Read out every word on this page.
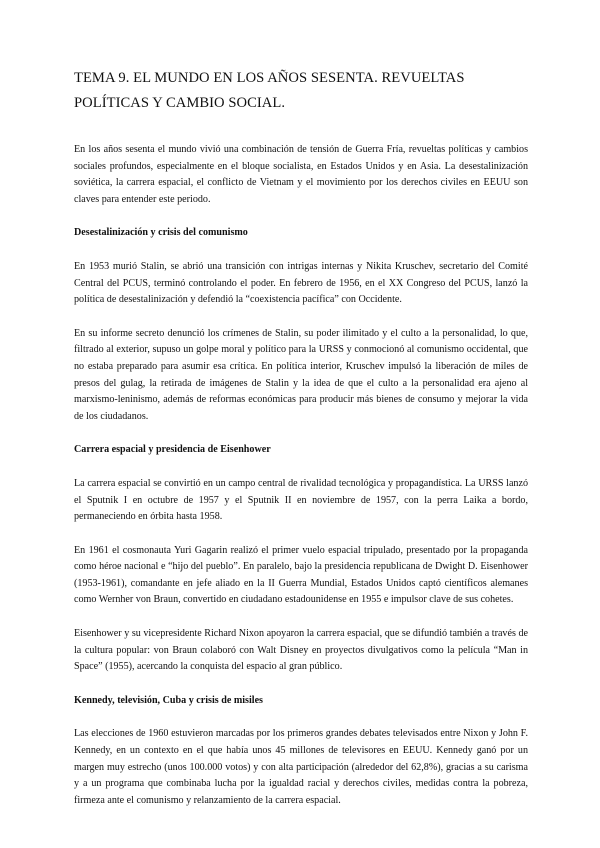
TEMA 9. EL MUNDO EN LOS AÑOS SESENTA. REVUELTAS POLÍTICAS Y CAMBIO SOCIAL.

En los años sesenta el mundo vivió una combinación de tensión de Guerra Fría, revueltas políticas y cambios sociales profundos, especialmente en el bloque socialista, en Estados Unidos y en Asia. La desestalinización soviética, la carrera espacial, el conflicto de Vietnam y el movimiento por los derechos civiles en EEUU son claves para entender este periodo.

Desestalinización y crisis del comunismo

En 1953 murió Stalin, se abrió una transición con intrigas internas y Nikita Kruschev, secretario del Comité Central del PCUS, terminó controlando el poder. En febrero de 1956, en el XX Congreso del PCUS, lanzó la política de desestalinización y defendió la “coexistencia pacífica” con Occidente.

En su informe secreto denunció los crímenes de Stalin, su poder ilimitado y el culto a la personalidad, lo que, filtrado al exterior, supuso un golpe moral y político para la URSS y conmocionó al comunismo occidental, que no estaba preparado para asumir esa crítica. En política interior, Kruschev impulsó la liberación de miles de presos del gulag, la retirada de imágenes de Stalin y la idea de que el culto a la personalidad era ajeno al marxismo-leninismo, además de reformas económicas para producir más bienes de consumo y mejorar la vida de los ciudadanos.

Carrera espacial y presidencia de Eisenhower

La carrera espacial se convirtió en un campo central de rivalidad tecnológica y propagandística. La URSS lanzó el Sputnik I en octubre de 1957 y el Sputnik II en noviembre de 1957, con la perra Laika a bordo, permaneciendo en órbita hasta 1958.

En 1961 el cosmonauta Yuri Gagarin realizó el primer vuelo espacial tripulado, presentado por la propaganda como héroe nacional e “hijo del pueblo”. En paralelo, bajo la presidencia republicana de Dwight D. Eisenhower (1953-1961), comandante en jefe aliado en la II Guerra Mundial, Estados Unidos captó científicos alemanes como Wernher von Braun, convertido en ciudadano estadounidense en 1955 e impulsor clave de sus cohetes.

Eisenhower y su vicepresidente Richard Nixon apoyaron la carrera espacial, que se difundió también a través de la cultura popular: von Braun colaboró con Walt Disney en proyectos divulgativos como la película “Man in Space” (1955), acercando la conquista del espacio al gran público.

Kennedy, televisión, Cuba y crisis de misiles

Las elecciones de 1960 estuvieron marcadas por los primeros grandes debates televisados entre Nixon y John F. Kennedy, en un contexto en el que había unos 45 millones de televisores en EEUU. Kennedy ganó por un margen muy estrecho (unos 100.000 votos) y con alta participación (alrededor del 62,8%), gracias a su carisma y a un programa que combinaba lucha por la igualdad racial y derechos civiles, medidas contra la pobreza, firmeza ante el comunismo y relanzamiento de la carrera espacial.
